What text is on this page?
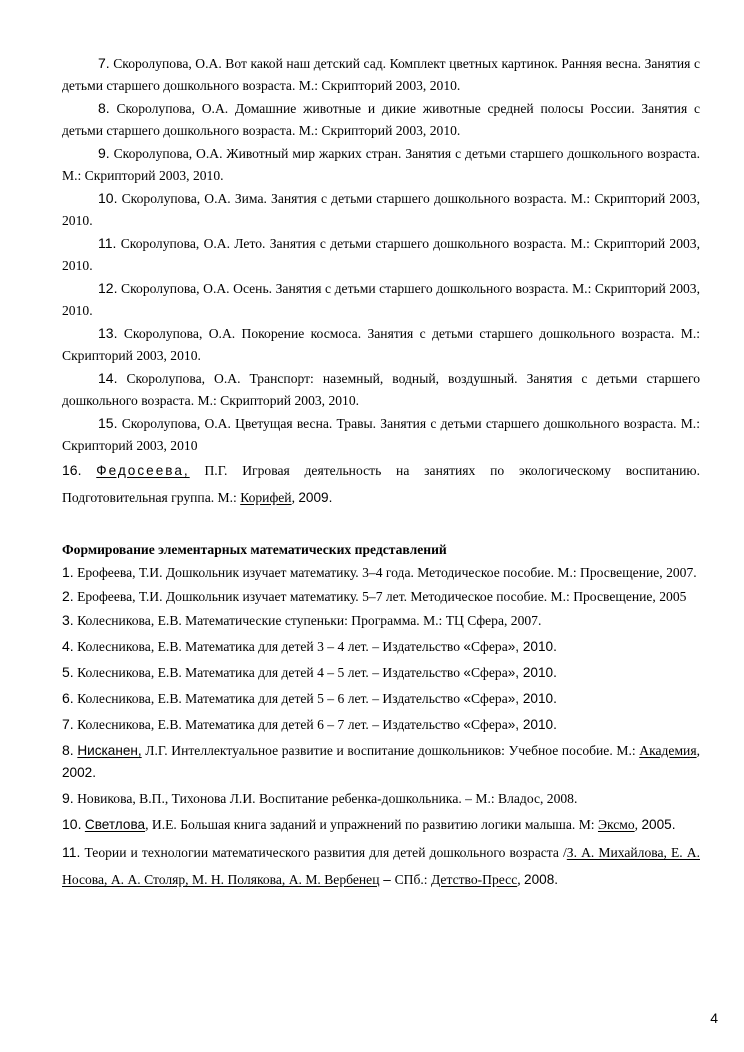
7. Скоролупова, О.А. Вот какой наш детский сад. Комплект цветных картинок. Ранняя весна. Занятия с детьми старшего дошкольного возраста. М.: Скрипторий 2003, 2010.

8. Скоролупова, О.А. Домашние животные и дикие животные средней полосы России. Занятия с детьми старшего дошкольного возраста. М.: Скрипторий 2003, 2010.

9. Скоролупова, О.А. Животный мир жарких стран. Занятия с детьми старшего дошкольного возраста. М.: Скрипторий 2003, 2010.

10. Скоролупова, О.А. Зима. Занятия с детьми старшего дошкольного возраста. М.: Скрипторий 2003, 2010.

11. Скоролупова, О.А. Лето. Занятия с детьми старшего дошкольного возраста. М.: Скрипторий 2003, 2010.

12. Скоролупова, О.А. Осень. Занятия с детьми старшего дошкольного возраста. М.: Скрипторий 2003, 2010.

13. Скоролупова, О.А. Покорение космоса. Занятия с детьми старшего дошкольного возраста. М.: Скрипторий 2003, 2010.

14. Скоролупова, О.А. Транспорт: наземный, водный, воздушный. Занятия с детьми старшего дошкольного возраста. М.: Скрипторий 2003, 2010.

15. Скоролупова, О.А. Цветущая весна. Травы. Занятия с детьми старшего дошкольного возраста. М.: Скрипторий 2003, 2010

16. Федосеева, П.Г. Игровая деятельность на занятиях по экологическому воспитанию. Подготовительная группа. М.: Корифей, 2009.

Формирование элементарных математических представлений

1. Ерофеева, Т.И. Дошкольник изучает математику. 3–4 года. Методическое пособие. М.: Просвещение, 2007.

2. Ерофеева, Т.И. Дошкольник изучает математику. 5–7 лет. Методическое пособие. М.: Просвещение, 2005

3. Колесникова, Е.В. Математические ступеньки: Программа. М.: ТЦ Сфера, 2007.

4. Колесникова, Е.В. Математика для детей 3 – 4 лет. – Издательство «Сфера», 2010.

5. Колесникова, Е.В. Математика для детей 4 – 5 лет. – Издательство «Сфера», 2010.

6. Колесникова, Е.В. Математика для детей 5 – 6 лет. – Издательство «Сфера», 2010.

7. Колесникова, Е.В. Математика для детей 6 – 7 лет. – Издательство «Сфера», 2010.

8. Нисканен, Л.Г. Интеллектуальное развитие и воспитание дошкольников: Учебное пособие. М.: Академия, 2002.

9. Новикова, В.П., Тихонова Л.И. Воспитание ребенка-дошкольника. – М.: Владос, 2008.

10. Светлова, И.Е. Большая книга заданий и упражнений по развитию логики малыша. М: Эксмо, 2005.

11. Теории и технологии математического развития для детей дошкольного возраста /З. А. Михайлова, Е. А. Носова, А. А. Столяр, М. Н. Полякова, А. М. Вербенец – СПб.: Детство-Пресс, 2008.

4
